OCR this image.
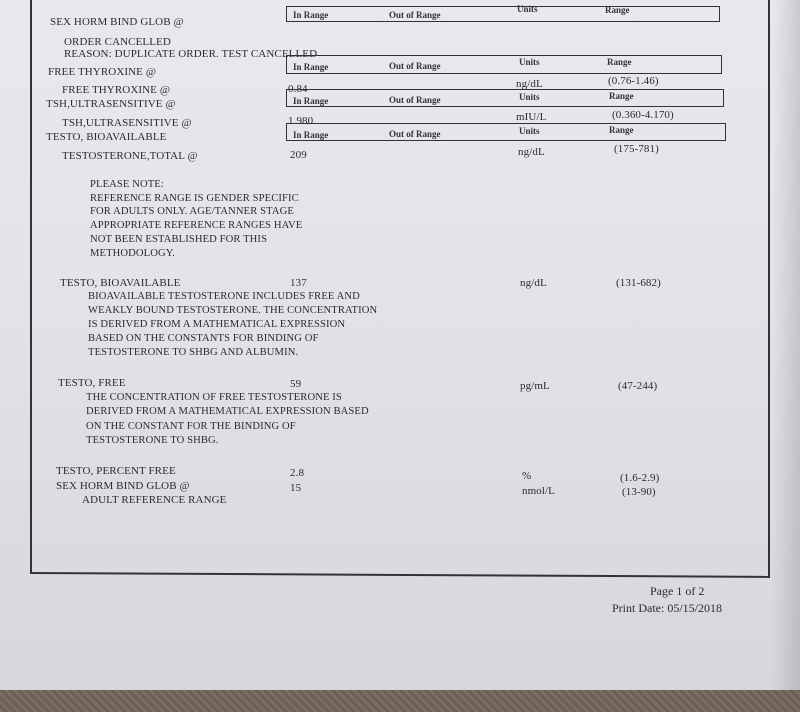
In Range	Out of Range
Units	Range
SEX HORM BIND GLOB @
ORDER CANCELLED
REASON: DUPLICATE ORDER. TEST CANCELLED
In Range	Out of Range	Units	Range
FREE THYROXINE @
FREE THYROXINE @	0.84	ng/dL	(0.76-1.46)
In Range	Out of Range	Units	Range
TSH,ULTRASENSITIVE @
TSH,ULTRASENSITIVE @	1.980	mIU/L	(0.360-4.170)
In Range	Out of Range	Units	Range
TESTO, BIOAVAILABLE
TESTOSTERONE,TOTAL @	209	ng/dL	(175-781)
PLEASE NOTE:
REFERENCE RANGE IS GENDER SPECIFIC
FOR ADULTS ONLY. AGE/TANNER STAGE
APPROPRIATE REFERENCE RANGES HAVE
NOT BEEN ESTABLISHED FOR THIS
METHODOLOGY.
TESTO, BIOAVAILABLE	137	ng/dL	(131-682)
BIOAVAILABLE TESTOSTERONE INCLUDES FREE AND
WEAKLY BOUND TESTOSTERONE. THE CONCENTRATION
IS DERIVED FROM A MATHEMATICAL EXPRESSION
BASED ON THE CONSTANTS FOR BINDING OF
TESTOSTERONE TO SHBG AND ALBUMIN.
TESTO, FREE	59	pg/mL	(47-244)
THE CONCENTRATION OF FREE TESTOSTERONE IS
DERIVED FROM A MATHEMATICAL EXPRESSION BASED
ON THE CONSTANT FOR THE BINDING OF
TESTOSTERONE TO SHBG.
TESTO, PERCENT FREE	2.8	%	(1.6-2.9)
SEX HORM BIND GLOB @	15	nmol/L	(13-90)
ADULT REFERENCE RANGE
Page 1 of 2
Print Date: 05/15/2018
